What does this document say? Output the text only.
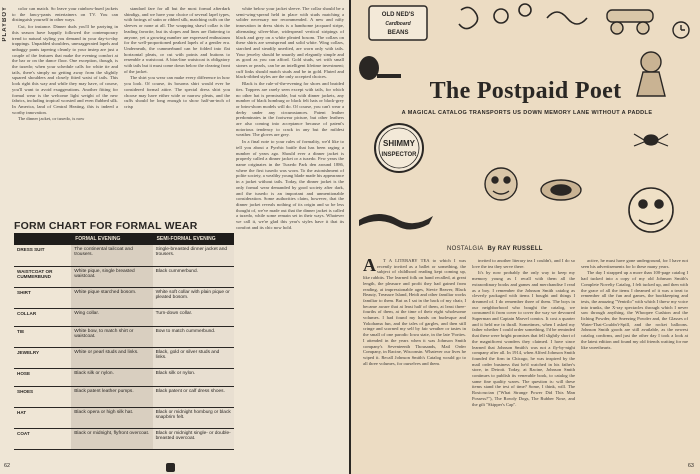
PLAYBOY	color can match. So leave your rainbow-hued jackets to the fancy-pants entertainers on TV. You can distinguish yourself in other ways.

Cut, for instance. Dinner duds you'll be partying in this season have happily followed the contemporary trend to natural styling you demand in your day-to-day trappings. Unpadded shoulders, unexaggerated lapels and unbaggy pants tapering cleanly to your instep are just a couple of the features that make the evening comfort at the bar or on the dance floor. One exception, though, is the tuxedo; when your schedule calls for white tie and tails, there's simply no getting away from the slightly squared shoulders and closely fitted waist of tails. This look right this way and while they may have, of course, you'll want to avoid exaggerations. Another fitting for formal wear is the welcome light weight of the new fabrics, including tropical worsted and even flubbed silk. In America, land of Central Heating, this is indeed a worthy innovation.

The dinner jacket, or tuxedo, is now

standard fare for all but the most formal afterdark shindigs, and we have your choice of several lapel types, with facings of satin or ribbed silk, matching cuffs on the sleeves or none at all. The wrapping shawl collar is the leading favorite, but its slopes and lines are flattering to anyone, yet a growing number are expressed enthusiasm for the well-proportioned peaked lapels of a gentler era. Underneath, the cummerbund can be folded into flat horizontal pleats, or cut with points and buttons to resemble a waistcoat. A bias-line waistcoat is obligatory with tails but it must come down below the clearing front of the jacket.

The shirt you wear can make every difference in how you look. Of course, its bosoms shirt would ever be considered formal attire. The special dress shirt you choose may have either wide or narrow pleats, and the cuffs should be long enough to show half-an-inch of crisp

white below your jacket sleeve. The collar should be a semi-wing-spread held in place with studs matching a solider necessary nor recommended. A new and nifty innovation in dress shirts is a handsome jacquard stripe, alternating silver-blue, widespread vertical stripings of black and grey on a white pleated bosom. The collars on these shirts are semispread and solid white. Wing collars, starched and steadily unerlied, are worn only with tails. Your jewelry should be smartly and elegantly simple and as good as you can afford. Gold studs, set with small stones or pearls, can be an intelligent lifetime investment; cuff links should match studs and be in gold. Fluted and black-ribbed styles are the only accepted choices.

Black is the rule-of-the-evening for shoes and braided ties. Toppers are rarely seen except with tails, for which no other hat is permissible, but with dinner jackets, any number of black homburg or black felt hats or black-grey or brim-shorn models will do. Of course, you can't wear a derby under any circumstances. Patent leather predominates in the footwear picture, but other leathers are also coming into acceptance because of patent's notorious tendency to crack in any but the mildest weather. The gloves are grey.

In a final note to your rules of formality, we'd like to tell you about a Pyrrhic battle that has been raging a number of years ago. Should ever a dinner jacket is properly called a dinner jacket or a tuxedo. Few years the name originates in the Tuxedo Park den around 1886, where the first tuxedo was worn. To the astonishment of polite society, a wealthy young blade made his appearance in a jacket without tails. Today, the dinner jacket is the only formal wear demanded by good society after dark, and the tuxedo is an important and unmentionable consideration. Some authorities claim, however, that the dinner jacket reveals nothing of its origin and so be less thought of, we've made out that the dinner jacket is called a tuxedo, while some remain set in their ways. Whatever we call it, we're glad this year's styles have it that its comfort and its chic now hold.

FORM CHART FOR FORMAL WEAR
	FORMAL EVENING	SEMI-FORMAL EVENING
DRESS SUIT	The continental tailcoat and trousers.	Single-breasted dinner jacket and trousers.
WAISTCOAT OR CUMMERBUND	White pique, single breasted waistcoat.	Black cummerbund.
SHIRT	White pique starched bosom.	White soft collar with plain pique or pleated bosom.
COLLAR	Wing collar.	Turn-down collar.
TIE	White bow, to match shirt or waistcoat.	Bow to match cummerbund.
JEWELRY	White or pearl studs and links.	Black, gold or silver studs and links.
HOSE	Black silk or nylon.	Black silk or nylon.
SHOES	Black patent leather pumps.	Black patent or calf dress shoes.
HAT	Black opera or high silk hat.	Black or midnight homburg or black snapbrim felt.
COAT	Black or midnight, flyfront overcoat.	Black or midnight single- or double-breasted overcoat.
62
OLD NED'S
Cardboard
BEANS
SHIMMY
INSPECTOR
The Postpaid Poet
A MAGICAL CATALOG TRANSPORTS US DOWN MEMORY LANE WITHOUT A PADDLE
NOSTALGIA By RAY RUSSELL
A	T A LITERARY TEA to which I was recently invited as a ballet or something, the subject of childhood reading kept coming up, like rabbits. The learned folk on hand recalled, at great length, the pleasure and profit they had gained from reading, at impressionable ages, Stevie Beaver, Black Beauty, Treasure Island, Heidi and other familiar works familiar to them. But as I sat in the back of my chair, I became aware that at least half of them, at least three-fourths of them, at the time of their eight wholesome volumes. I had found my hands on burlesque and Yokohama fun, and the tales of gargles, and then still cringe and scorned my self by fair weather or tastes in the small of one parodic Iowa state, in the late 'Forties. I attended in the years when it was Johnson Smith company's Seventeenth Thousands, Mail Order Company, in Racine, Wisconsin. Whatever our lives he wiped it. Recall Johnson Smith's Catalog would go to all three volumes, for ourselves and them.

invited to another literary tea I couldn't, and I do so love the tea they serve there.

It's by now probably the only way to keep my memory young as I recall with them all the extraordinary books and games and merchandise I read as a boy. I remember the Johnson Smith catalog as cleverly packaged with items I bought and things I dreamed of. I do remember three of them. The boys in our neighborhood who bought the catalog, we consumed it from cover to cover the way we devoured Superman and Captain Marvel comics. It cost a quarter and it held me in thrall. Sometimes, when I asked my father whether I could order something, I'd be reminded that these were bright promises that fell slightly short of the magnificent wonders they claimed. I have since learned that Johnson Smith's was not a fly-by-night company after all. In 1914, when Alfred Johnson Smith founded the firm in Chicago, he was inspired by the mail order business that he'd watched in his father's store, in Detroit. Today, at Racine, Johnson Smith continues to publish its venerable book, to catalog the same fine quality wares. The question is: will these items stand the test of time? Some, I think, will. The Rosicrucian ("What Strange Power Did This Man Possess?"), The Rowdy Dogs, The Rubber Nose, and the gilt "Skipper's Cap".

active, he must have gone underground, for I have not seen his advertisements for lo these many years.

The day I strapped up a more than 100-page catalog I had tucked into a copy of my old Johnson Smith's Complete Novelty Catalog, I felt tucked up, and then with the grace of all the items I dreamed of it was a treat to remember all the fun and games, the bookkeeping and tests, the amazing "Ventrilo" with which I threw my voice into trunks, the X-ray spectacles through which I never saw through anything, the Whoopee Cushion and the Itching Powder, the Sneezing Powder and, the Glasses of Water-That-Couldn't-Spill, and the rocket balloons. Johnson Smith goods are still available, as the newest catalog confirms, and just the other day I took a look at the latest edition and found my old friends waiting for me like sweethearts.

63
